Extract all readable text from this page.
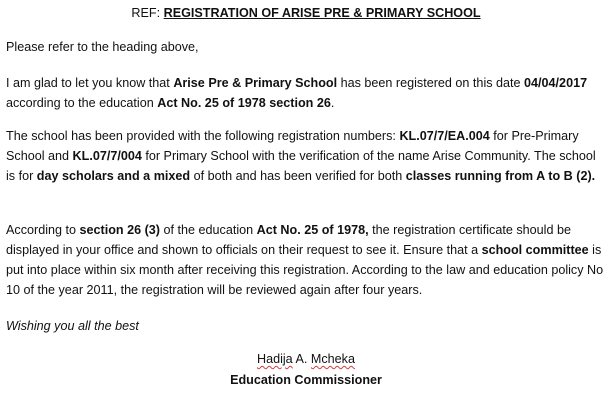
REF: REGISTRATION OF ARISE PRE & PRIMARY SCHOOL

Please refer to the heading above,

I am glad to let you know that Arise Pre & Primary School has been registered on this date 04/04/2017 according to the education Act No. 25 of 1978 section 26.

The school has been provided with the following registration numbers: KL.07/7/EA.004 for Pre-Primary School and KL.07/7/004 for Primary School with the verification of the name Arise Community. The school is for day scholars and a mixed of both and has been verified for both classes running from A to B (2).

According to section 26 (3) of the education Act No. 25 of 1978, the registration certificate should be displayed in your office and shown to officials on their request to see it. Ensure that a school committee is put into place within six month after receiving this registration. According to the law and education policy No 10 of the year 2011, the registration will be reviewed again after four years.

Wishing you all the best

Hadija A. Mcheka
Education Commissioner
